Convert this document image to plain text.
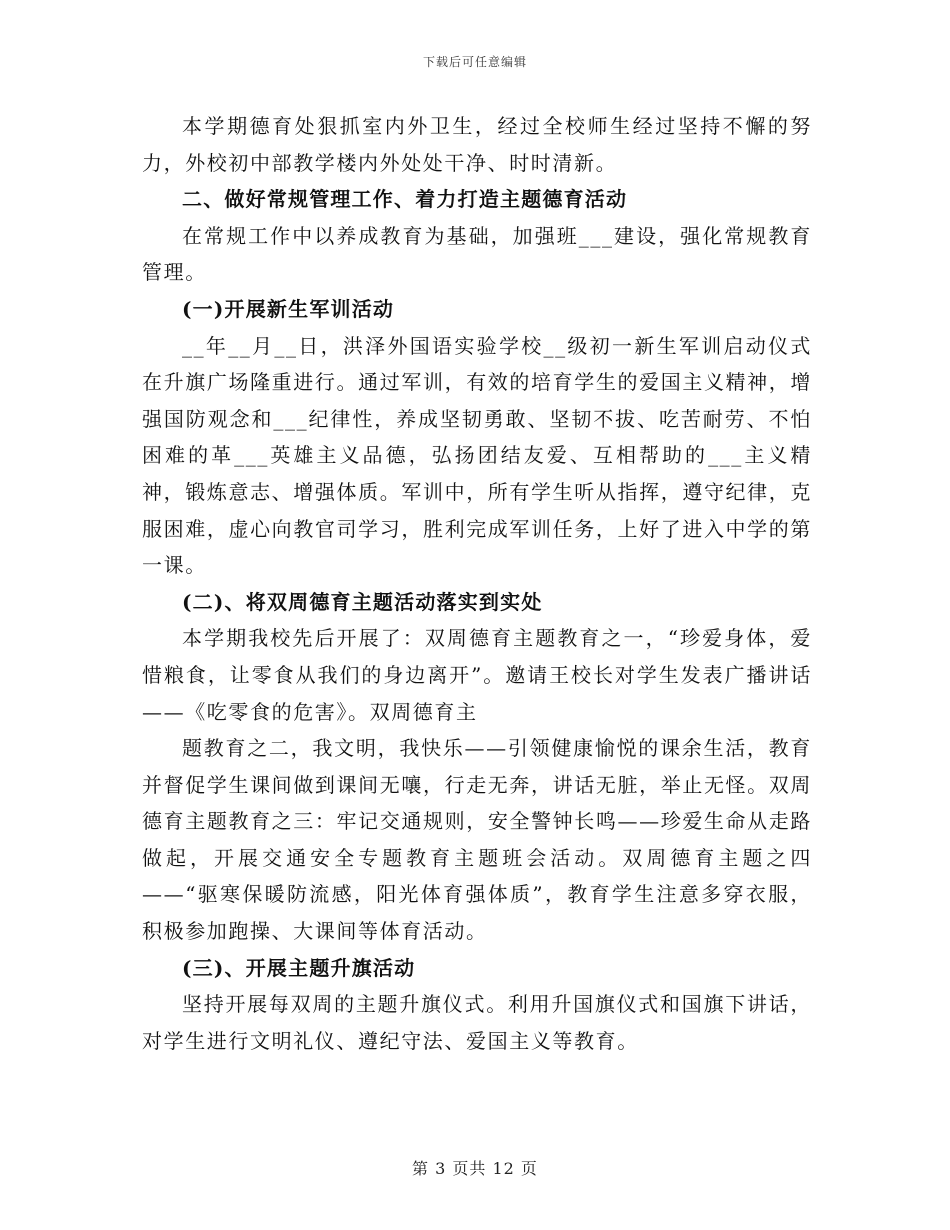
下载后可任意编辑

本学期德育处狠抓室内外卫生，经过全校师生经过坚持不懈的努力，外校初中部教学楼内外处处干净、时时清新。

二、做好常规管理工作、着力打造主题德育活动

在常规工作中以养成教育为基础，加强班___建设，强化常规教育管理。

(一)开展新生军训活动

__年__月__日，洪泽外国语实验学校__级初一新生军训启动仪式在升旗广场隆重进行。通过军训，有效的培育学生的爱国主义精神，增强国防观念和___纪律性，养成坚韧勇敢、坚韧不拔、吃苦耐劳、不怕困难的革___英雄主义品德，弘扬团结友爱、互相帮助的___主义精神，锻炼意志、增强体质。军训中，所有学生听从指挥，遵守纪律，克服困难，虚心向教官司学习，胜利完成军训任务，上好了进入中学的第一课。

(二)、将双周德育主题活动落实到实处

本学期我校先后开展了：双周德育主题教育之一，“珍爱身体，爱惜粮食，让零食从我们的身边离开”。邀请王校长对学生发表广播讲话——《吃零食的危害》。双周德育主

题教育之二，我文明，我快乐——引领健康愉悦的课余生活，教育并督促学生课间做到课间无嚷，行走无奔，讲话无脏，举止无怪。双周德育主题教育之三：牢记交通规则，安全警钟长鸣——珍爱生命从走路做起，开展交通安全专题教育主题班会活动。双周德育主题之四——“驱寒保暖防流感，阳光体育强体质”，教育学生注意多穿衣服，积极参加跑操、大课间等体育活动。

(三)、开展主题升旗活动

坚持开展每双周的主题升旗仪式。利用升国旗仪式和国旗下讲话，对学生进行文明礼仪、遵纪守法、爱国主义等教育。

第 3 页共 12 页
